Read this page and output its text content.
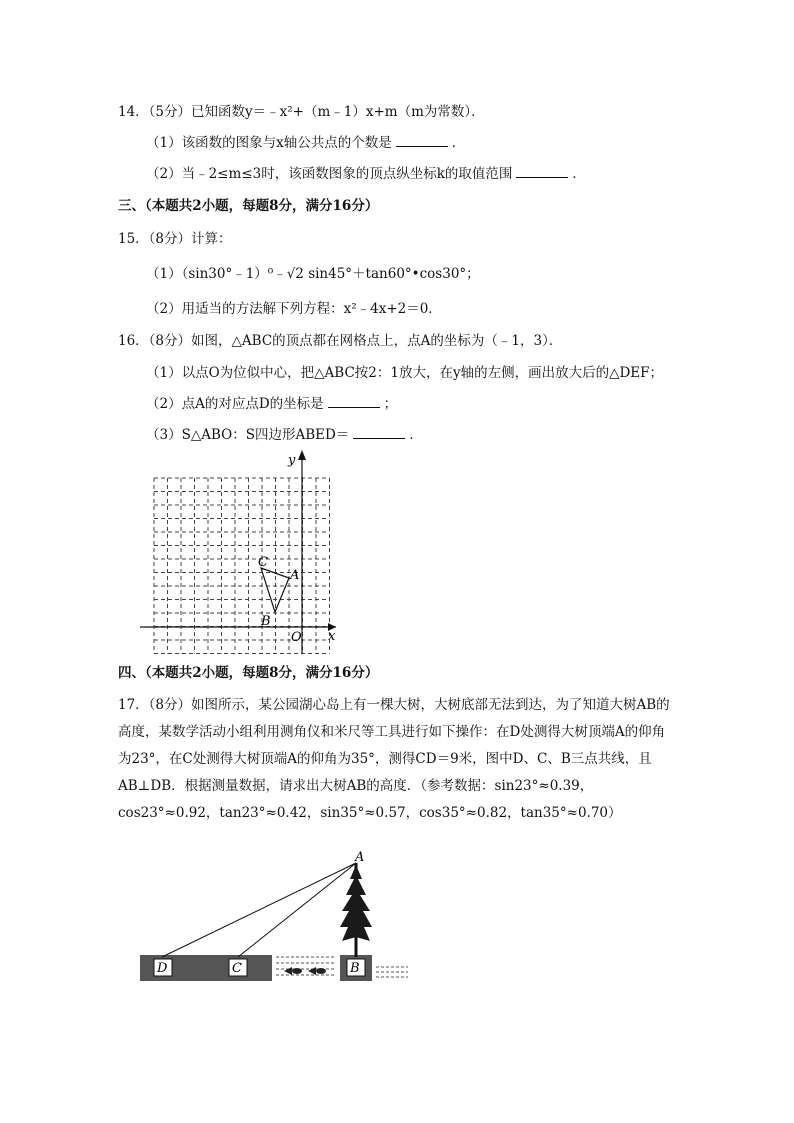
14．（5分）已知函数y＝﹣x²+（m﹣1）x+m（m为常数）．
（1）该函数的图象与x轴公共点的个数是	．
（2）当﹣2≤m≤3时，该函数图象的顶点纵坐标k的取值范围	．
三、（本题共2小题，每题8分，满分16分）
15．（8分）计算：
（1）（sin30°﹣1）⁰﹣√2 sin45°＋tan60°•cos30°；
（2）用适当的方法解下列方程：x²﹣4x+2＝0．
16．（8分）如图，△ABC的顶点都在网格点上，点A的坐标为（﹣1，3）．
（1）以点O为位似中心，把△ABC按2：1放大，在y轴的左侧，画出放大后的△DEF；
（2）点A的对应点D的坐标是	；
（3）S△ABO：S四边形ABED＝	．
y
x
O
A
B
C
四、（本题共2小题，每题8分，满分16分）
17．（8分）如图所示，某公园湖心岛上有一棵大树，大树底部无法到达，为了知道大树AB的高度，某数学活动小组利用测角仪和米尺等工具进行如下操作：在D处测得大树顶端A的仰角为23°，在C处测得大树顶端A的仰角为35°，测得CD＝9米，图中D、C、B三点共线，且AB⊥DB．根据测量数据，请求出大树AB的高度．（参考数据：sin23°≈0.39，cos23°≈0.92，tan23°≈0.42，sin35°≈0.57，cos35°≈0.82，tan35°≈0.70）
D	C	B
A
